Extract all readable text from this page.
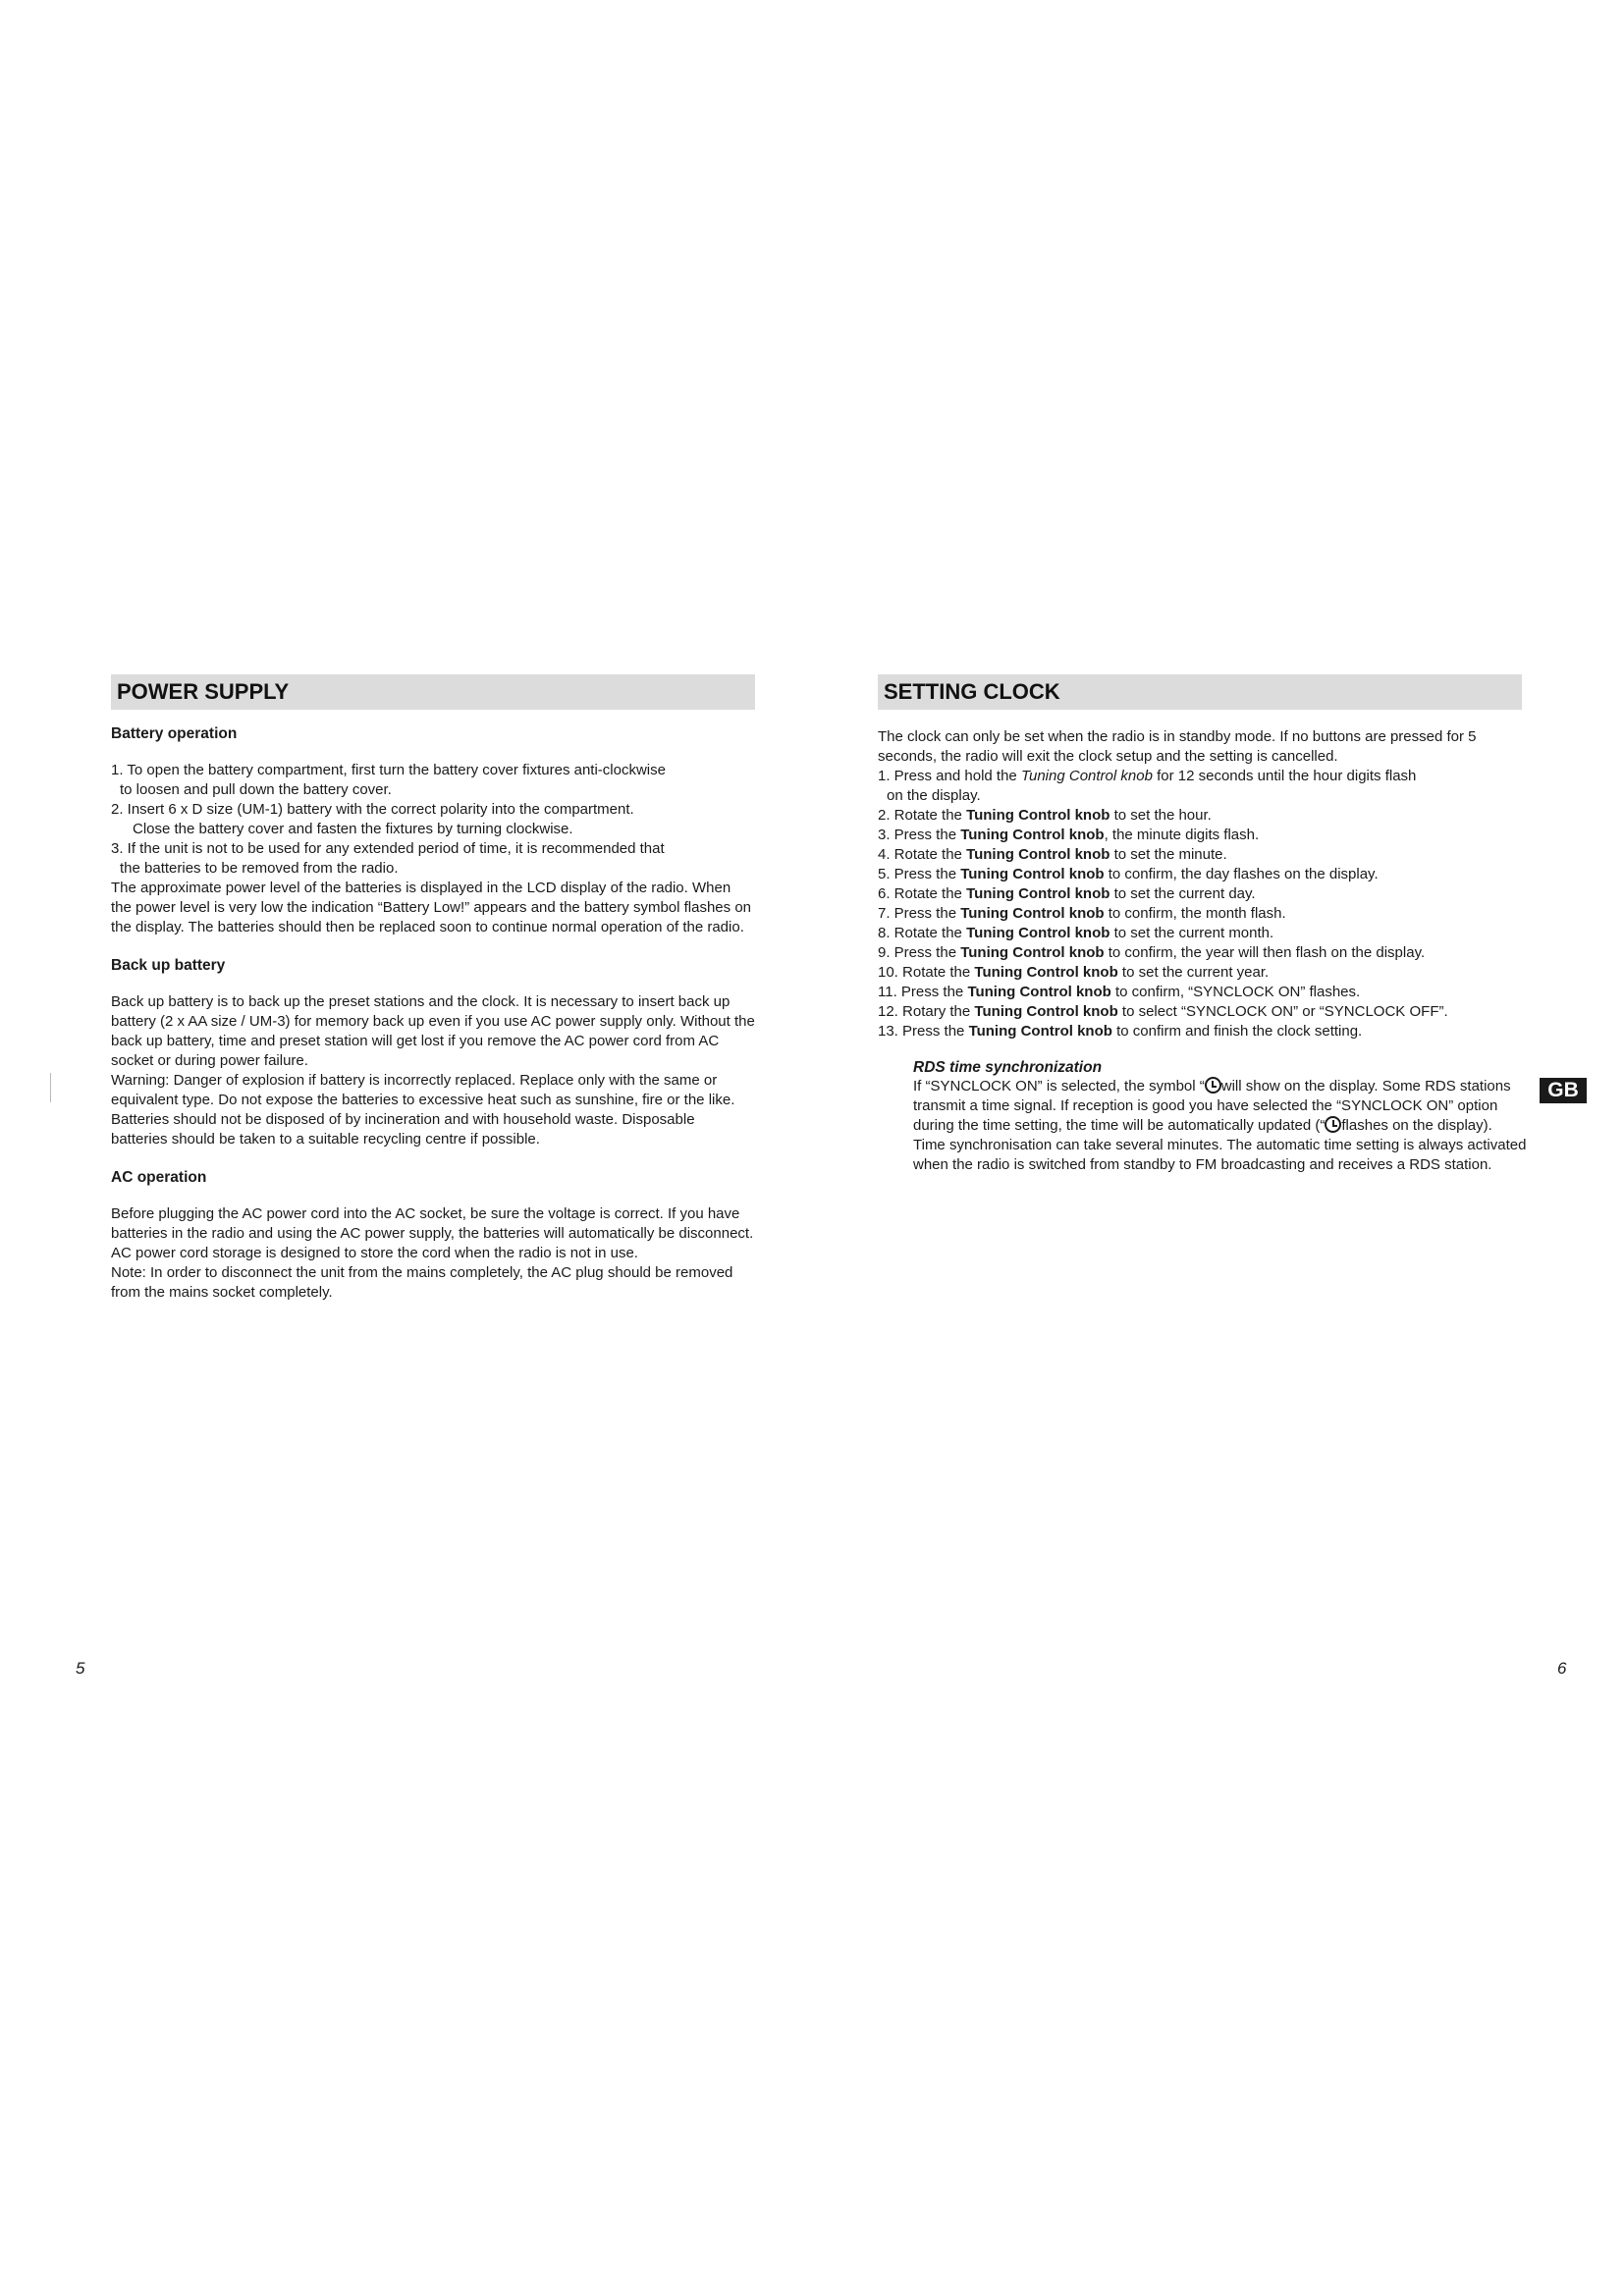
POWER SUPPLY

Battery operation

1. To open the battery compartment, first turn the battery cover fixtures anti-clockwise
to loosen and pull down the battery cover.
2. Insert 6 x D size (UM-1) battery with the correct polarity into the compartment.
Close the battery cover and fasten the fixtures by turning clockwise.
3. If the unit is not to be used for any extended period of time, it is recommended that
the batteries to be removed from the radio.

The approximate power level of the batteries is displayed in the LCD display of the radio. When the power level is very low the indication “Battery Low!” appears and the battery symbol flashes on the display. The batteries should then be replaced soon to continue normal operation of the radio.

Back up battery

Back up battery is to back up the preset stations and the clock. It is necessary to insert back up battery (2 x AA size / UM-3) for memory back up even if you use AC power supply only. Without the back up battery, time and preset station will get lost if you remove the AC power cord from AC socket or during power failure.

Warning: Danger of explosion if battery is incorrectly replaced. Replace only with the same or equivalent type. Do not expose the batteries to excessive heat such as sunshine, fire or the like. Batteries should not be disposed of by incineration and with household waste. Disposable batteries should be taken to a suitable recycling centre if possible.

AC operation

Before plugging the AC power cord into the AC socket, be sure the voltage is correct. If you have batteries in the radio and using the AC power supply, the batteries will automatically be disconnect. AC power cord storage is designed to store the cord when the radio is not in use.

Note: In order to disconnect the unit from the mains completely, the AC plug should be removed from the mains socket completely.

SETTING CLOCK

The clock can only be set when the radio is in standby mode. If no buttons are pressed for 5 seconds, the radio will exit the clock setup and the setting is cancelled.

1. Press and hold the Tuning Control knob for 12 seconds until the hour digits flash
on the display.
2. Rotate the Tuning Control knob to set the hour.
3. Press the Tuning Control knob, the minute digits flash.
4. Rotate the Tuning Control knob to set the minute.
5. Press the Tuning Control knob to confirm, the day flashes on the display.
6. Rotate the Tuning Control knob to set the current day.
7. Press the Tuning Control knob to confirm, the month flash.
8. Rotate the Tuning Control knob to set the current month.
9. Press the Tuning Control knob to confirm, the year will then flash on the display.
10. Rotate the Tuning Control knob to set the current year.
11. Press the Tuning Control knob to confirm, “SYNCLOCK ON” flashes.
12. Rotary the Tuning Control knob to select “SYNCLOCK ON” or “SYNCLOCK OFF”.
13. Press the Tuning Control knob to confirm and finish the clock setting.

RDS time synchronization

If “SYNCLOCK ON” is selected, the symbol “ will show on the display. Some RDS stations transmit a time signal. If reception is good you have selected the “SYNCLOCK ON” option during the time setting, the time will be automatically updated (“ flashes on the display). Time synchronisation can take several minutes. The automatic time setting is always activated when the radio is switched from standby to FM broadcasting and receives a RDS station.

GB
5	6
